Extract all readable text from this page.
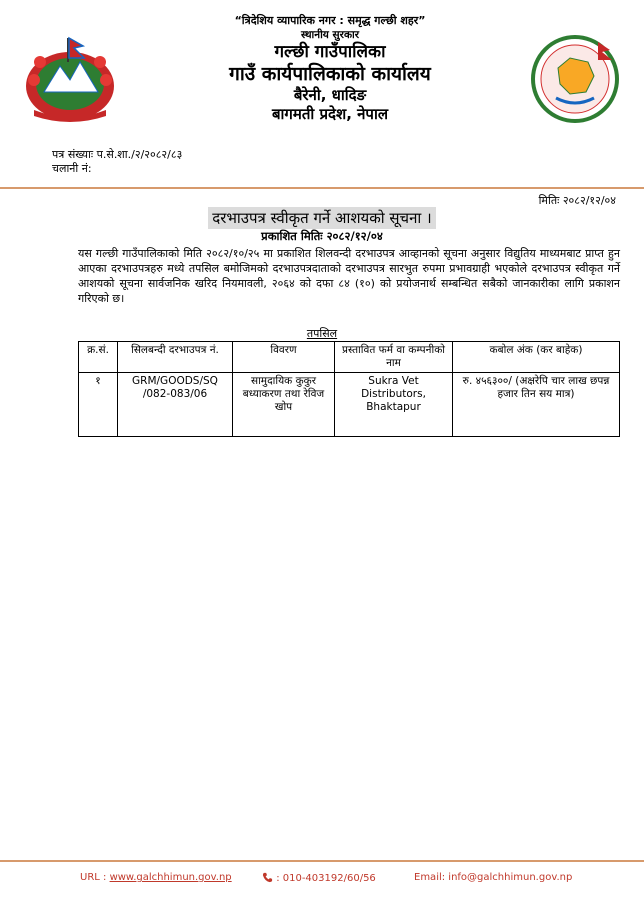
“त्रिदेशिय व्यापारिक नगर : समृद्ध गल्छी शहर”
स्थानीय सुरकार
गल्छी गाउँपालिका
गाउँ कार्यपालिकाको कार्यालय
बैरेनी, धादिङ
बागमती प्रदेश, नेपाल
पत्र संख्याः प.से.शा./२/२०८२/८३
चलानी नं:
मितिः २०८२/१२/०४
दरभाउपत्र स्वीकृत गर्ने आशयको सूचना ।
प्रकाशित मितिः २०८२/१२/०४

यस गल्छी गाउँपालिकाको मिति २०८२/१०/२५ मा प्रकाशित शिलवन्दी दरभाउपत्र आव्हानको सूचना अनुसार विद्युतिय माध्यमबाट प्राप्त हुन आएका दरभाउपत्रहरु मध्ये तपसिल बमोजिमको दरभाउपत्रदाताको दरभाउपत्र सारभुत रुपमा प्रभावग्राही भएकोले दरभाउपत्र स्वीकृत गर्ने आशयको सूचना सार्वजनिक खरिद नियमावली, २०६४ को दफा ८४ (१०) को प्रयोजनार्थ सम्बन्धित सबैको जानकारीका लागि प्रकाशन गरिएको छ।

तपसिल
क्र.सं.	सिलबन्दी दरभाउपत्र नं.	विवरण	प्रस्तावित फर्म वा कम्पनीको नाम	कबोल अंक (कर बाहेक)
१	GRM/GOODS/SQ /082-083/06	सामुदायिक कुकुर बध्याकरण तथा रेविज खोप	Sukra Vet Distributors, Bhaktapur	रु. ४५६३००/ (अक्षरेपि चार लाख छपन्न हजार तिन सय मात्र)
URL : www.galchhimun.gov.np	: 010-403192/60/56	Email: info@galchhimun.gov.np
